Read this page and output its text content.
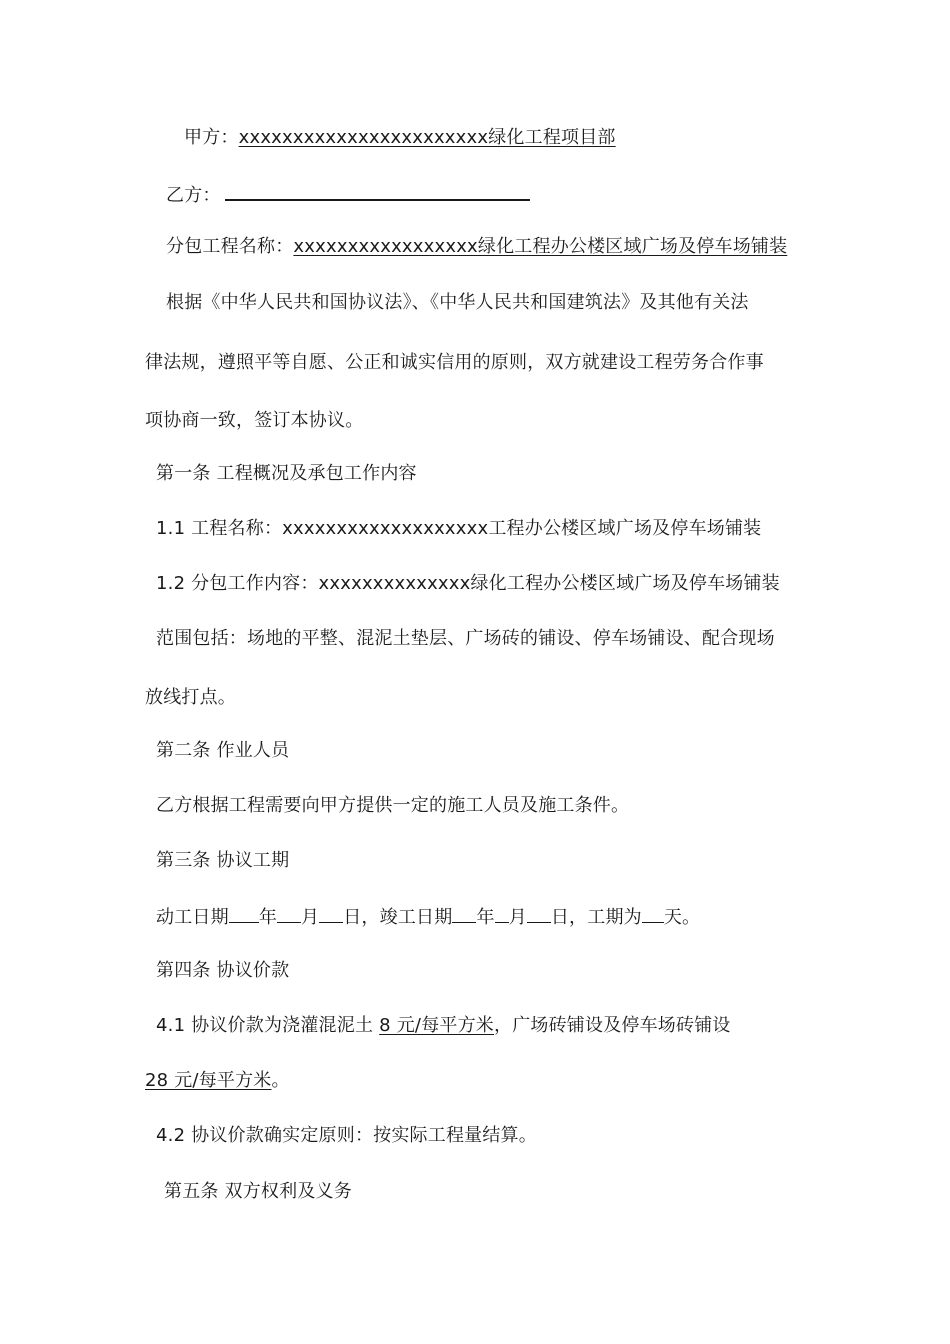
甲方：xxxxxxxxxxxxxxxxxxxxxxx绿化工程项目部
乙方：
分包工程名称：xxxxxxxxxxxxxxxxx绿化工程办公楼区域广场及停车场铺装
根据《中华人民共和国协议法》、《中华人民共和国建筑法》及其他有关法
律法规，遵照平等自愿、公正和诚实信用的原则，双方就建设工程劳务合作事
项协商一致，签订本协议。
第一条 工程概况及承包工作内容
1.1 工程名称：xxxxxxxxxxxxxxxxxxx工程办公楼区域广场及停车场铺装
1.2 分包工作内容：xxxxxxxxxxxxxx绿化工程办公楼区域广场及停车场铺装
范围包括：场地的平整、混泥土垫层、广场砖的铺设、停车场铺设、配合现场
放线打点。
第二条 作业人员
乙方根据工程需要向甲方提供一定的施工人员及施工条件。
第三条 协议工期
动工日期 年 月 日，竣工日期 年 月 日，工期为 天。
第四条 协议价款
4.1 协议价款为浇灌混泥土 8 元/每平方米，广场砖铺设及停车场砖铺设
28 元/每平方米。
4.2 协议价款确实定原则：按实际工程量结算。
第五条 双方权利及义务
